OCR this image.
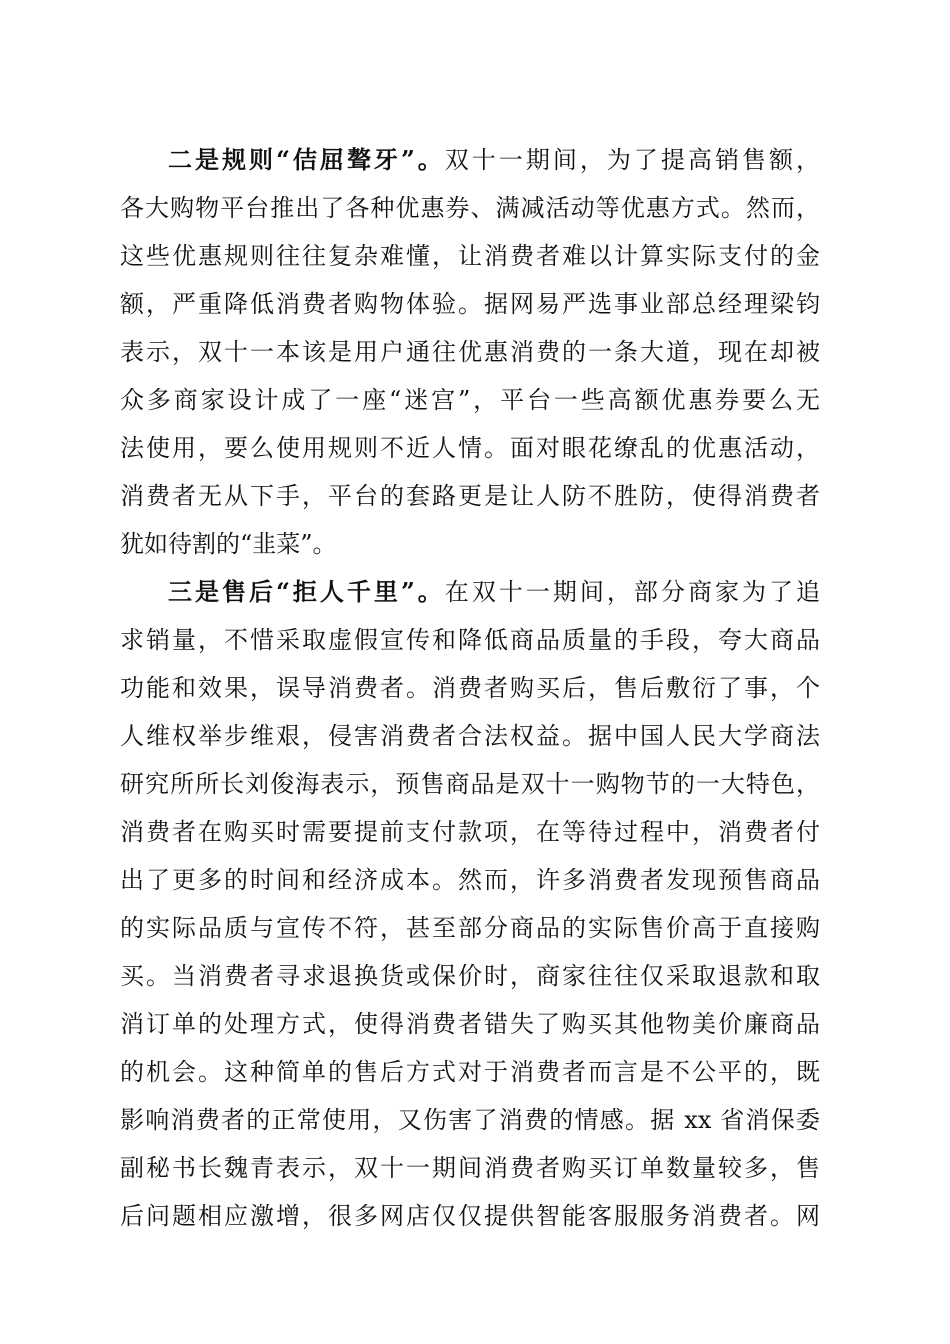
二是规则“佶屈聱牙”。双十一期间，为了提高销售额，
各大购物平台推出了各种优惠券、满减活动等优惠方式。然而，
这些优惠规则往往复杂难懂，让消费者难以计算实际支付的金
额，严重降低消费者购物体验。据网易严选事业部总经理梁钧
表示，双十一本该是用户通往优惠消费的一条大道，现在却被
众多商家设计成了一座“迷宫”，平台一些高额优惠券要么无
法使用，要么使用规则不近人情。面对眼花缭乱的优惠活动，
消费者无从下手，平台的套路更是让人防不胜防，使得消费者
犹如待割的“韭菜”。
三是售后“拒人千里”。在双十一期间，部分商家为了追
求销量，不惜采取虚假宣传和降低商品质量的手段，夸大商品
功能和效果，误导消费者。消费者购买后，售后敷衍了事，个
人维权举步维艰，侵害消费者合法权益。据中国人民大学商法
研究所所长刘俊海表示，预售商品是双十一购物节的一大特色，
消费者在购买时需要提前支付款项，在等待过程中，消费者付
出了更多的时间和经济成本。然而，许多消费者发现预售商品
的实际品质与宣传不符，甚至部分商品的实际售价高于直接购
买。当消费者寻求退换货或保价时，商家往往仅采取退款和取
消订单的处理方式，使得消费者错失了购买其他物美价廉商品
的机会。这种简单的售后方式对于消费者而言是不公平的，既
影响消费者的正常使用，又伤害了消费的情感。据 xx 省消保委
副秘书长魏青表示，双十一期间消费者购买订单数量较多，售
后问题相应激增，很多网店仅仅提供智能客服服务消费者。网
